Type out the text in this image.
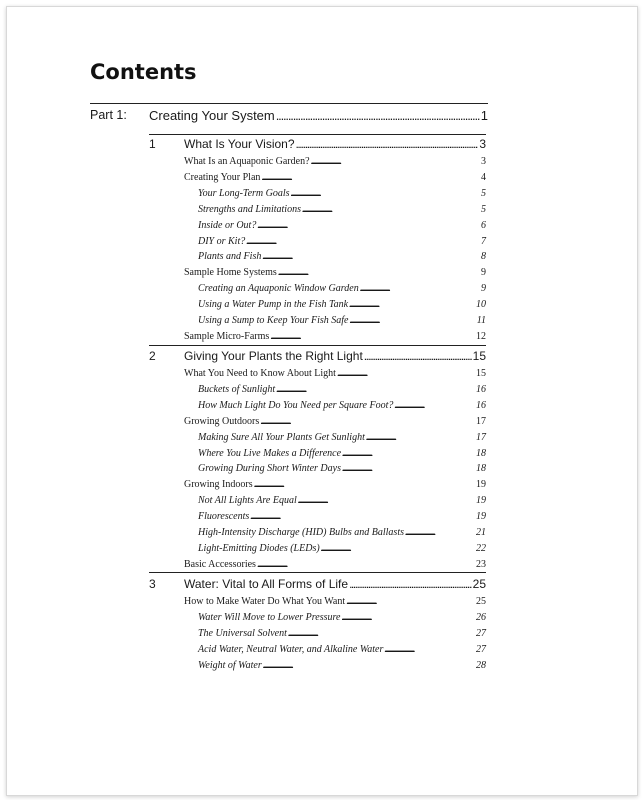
Contents
Part 1: Creating Your System . . .	1
1 What Is Your Vision? . . .	3
What Is an Aquaponic Garden? . . .	3
Creating Your Plan . . .	4
Your Long-Term Goals . . .	5
Strengths and Limitations . . .	5
Inside or Out? . . .	6
DIY or Kit? . . .	7
Plants and Fish . . .	8
Sample Home Systems . . .	9
Creating an Aquaponic Window Garden . . .	9
Using a Water Pump in the Fish Tank . . .	10
Using a Sump to Keep Your Fish Safe . . .	11
Sample Micro-Farms . . .	12
2 Giving Your Plants the Right Light . . .	15
What You Need to Know About Light . . .	15
Buckets of Sunlight . . .	16
How Much Light Do You Need per Square Foot? . . .	16
Growing Outdoors . . .	17
Making Sure All Your Plants Get Sunlight . . .	17
Where You Live Makes a Difference . . .	18
Growing During Short Winter Days . . .	18
Growing Indoors . . .	19
Not All Lights Are Equal . . .	19
Fluorescents . . .	19
High-Intensity Discharge (HID) Bulbs and Ballasts . . .	21
Light-Emitting Diodes (LEDs) . . .	22
Basic Accessories . . .	23
3 Water: Vital to All Forms of Life . . .	25
How to Make Water Do What You Want . . .	25
Water Will Move to Lower Pressure . . .	26
The Universal Solvent . . .	27
Acid Water, Neutral Water, and Alkaline Water . . .	27
Weight of Water . . .	28
